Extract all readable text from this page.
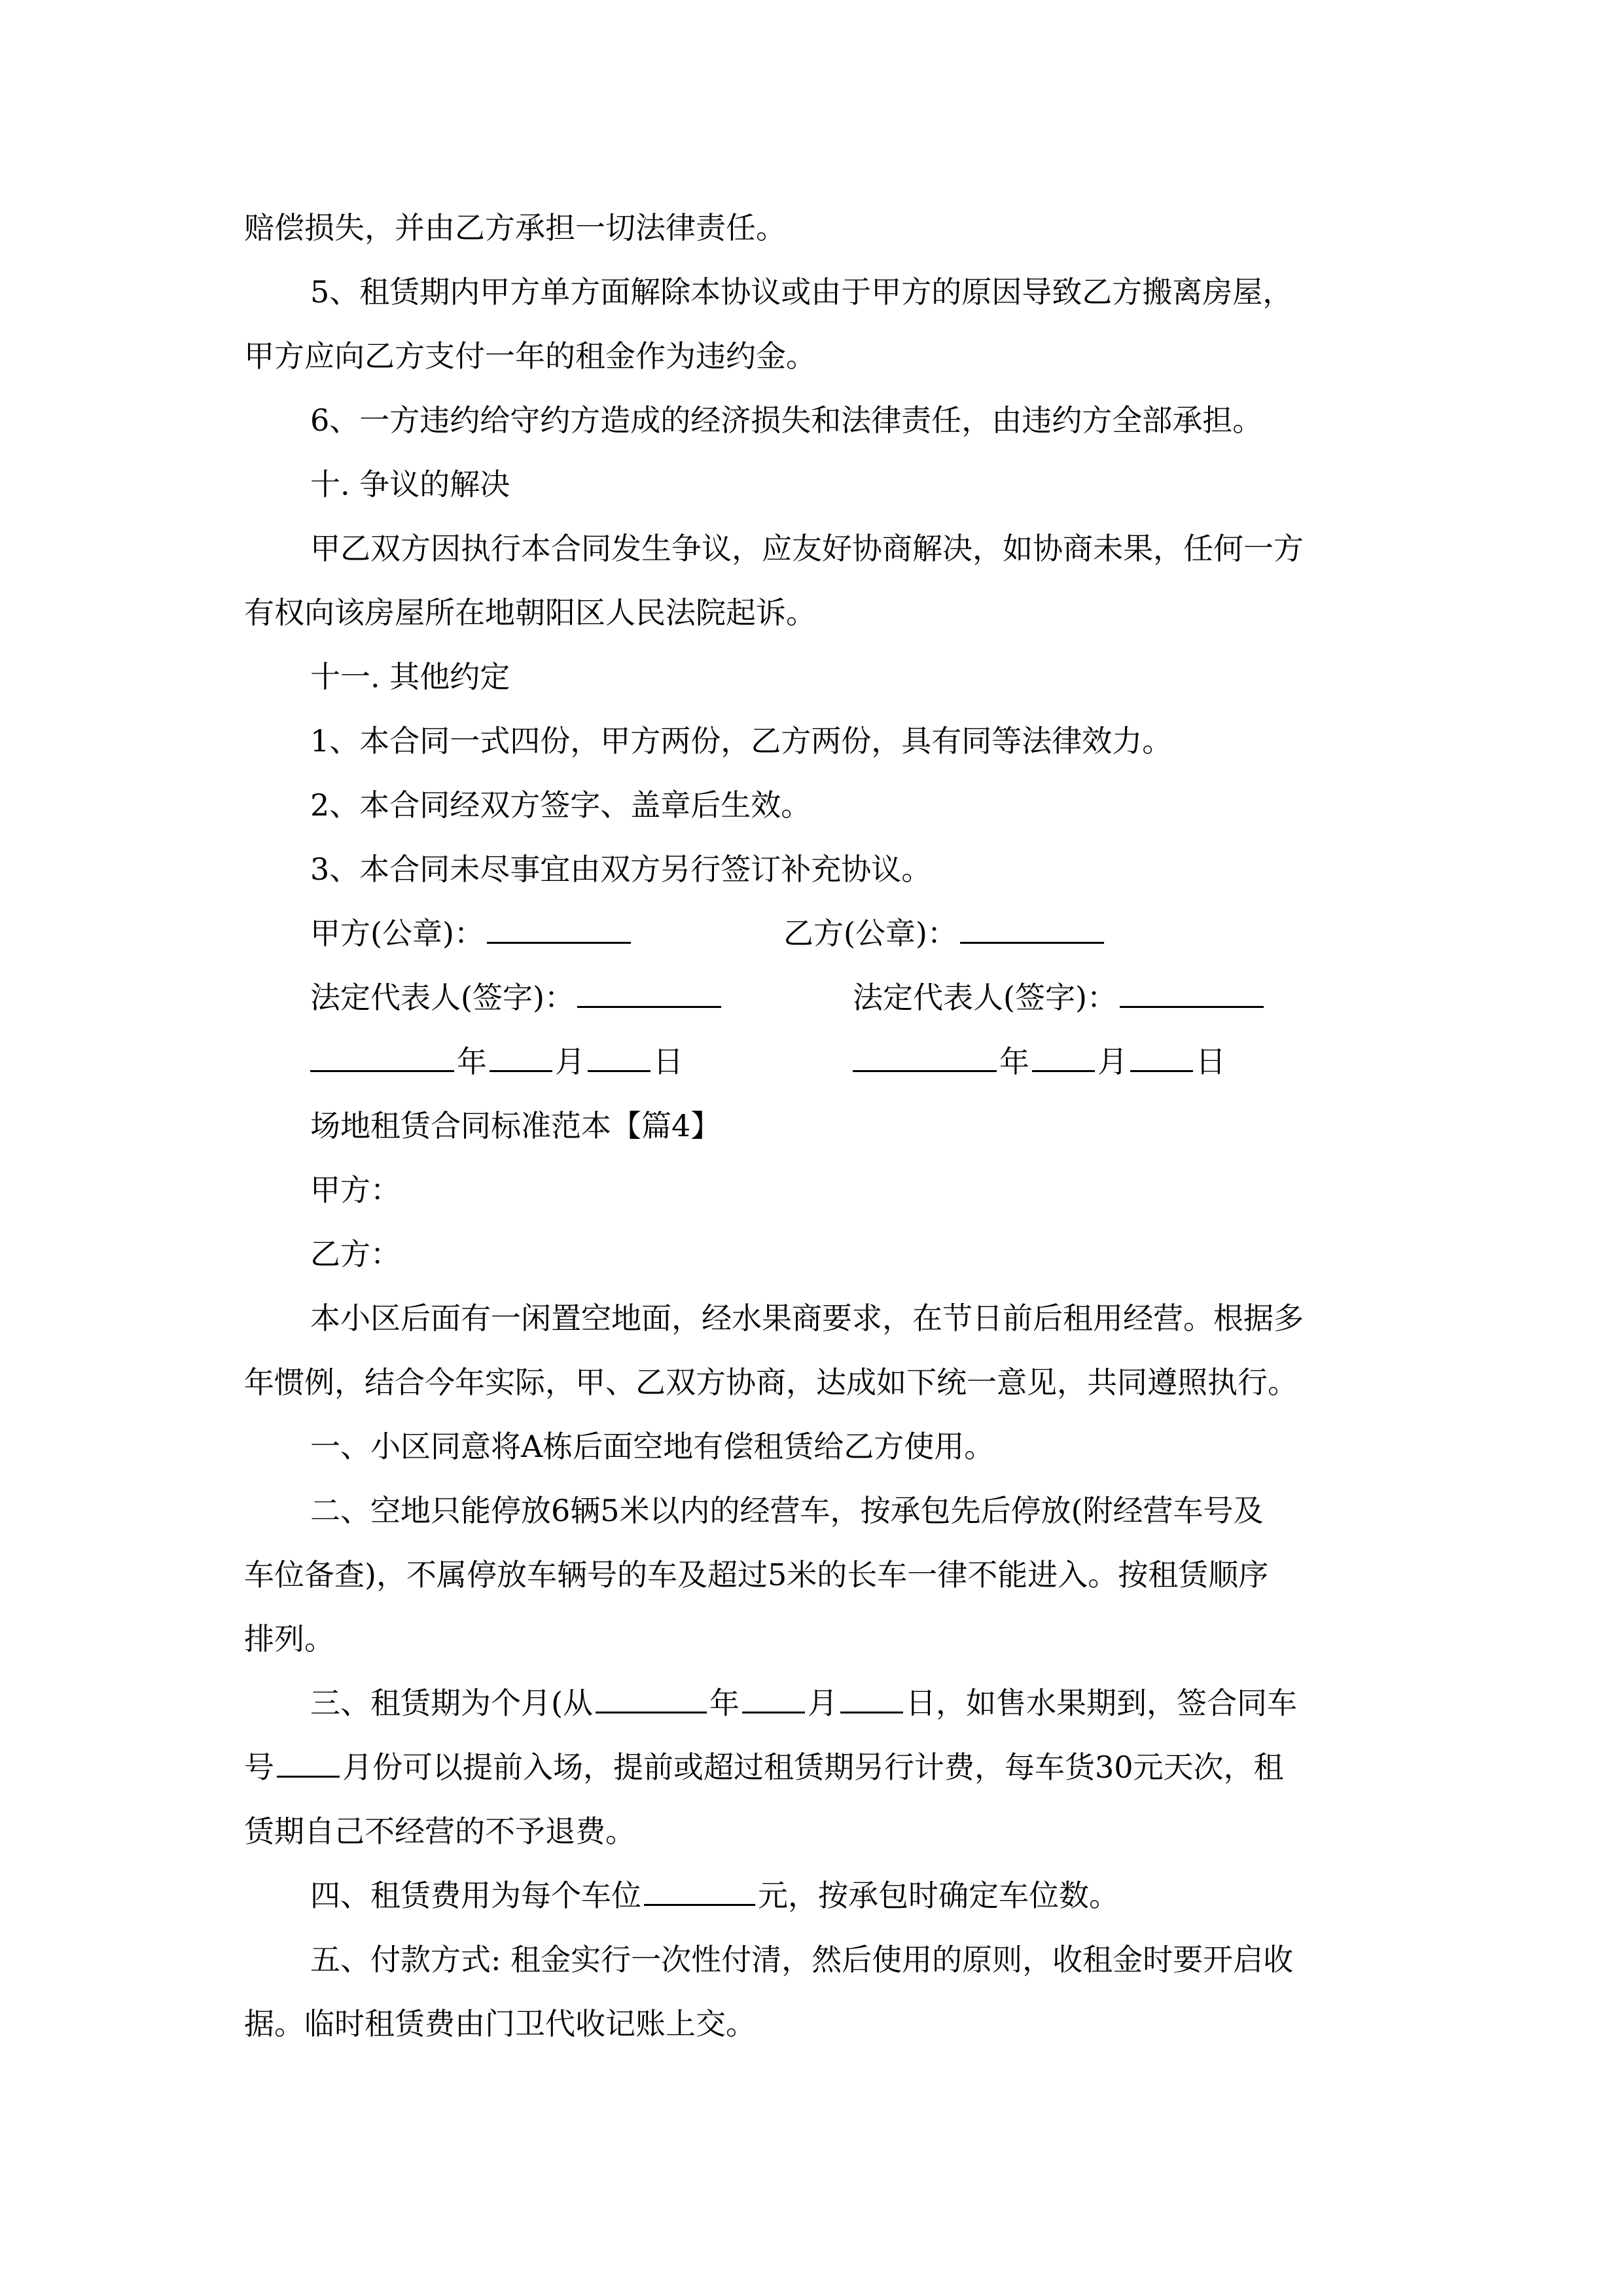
赔偿损失，并由乙方承担一切法律责任。

5、租赁期内甲方单方面解除本协议或由于甲方的原因导致乙方搬离房屋，

甲方应向乙方支付一年的租金作为违约金。

6、一方违约给守约方造成的经济损失和法律责任，由违约方全部承担。

十. 争议的解决

甲乙双方因执行本合同发生争议，应友好协商解决，如协商未果，任何一方

有权向该房屋所在地朝阳区人民法院起诉。

十一. 其他约定

1、本合同一式四份，甲方两份，乙方两份，具有同等法律效力。

2、本合同经双方签字、盖章后生效。

3、本合同未尽事宜由双方另行签订补充协议。

甲方(公章)：	乙方(公章)：

法定代表人(签字)：	法定代表人(签字)：

年 月 日	年 月 日

场地租赁合同标准范本【篇4】

甲方：

乙方：

本小区后面有一闲置空地面，经水果商要求，在节日前后租用经营。根据多

年惯例，结合今年实际，甲、乙双方协商，达成如下统一意见，共同遵照执行。

一、小区同意将A栋后面空地有偿租赁给乙方使用。

二、空地只能停放6辆5米以内的经营车，按承包先后停放(附经营车号及

车位备查)，不属停放车辆号的车及超过5米的长车一律不能进入。按租赁顺序

排列。

三、租赁期为个月(从	年 月 日，如售水果期到，签合同车

号 月份可以提前入场，提前或超过租赁期另行计费，每车货30元天次，租

赁期自己不经营的不予退费。

四、租赁费用为每个车位	元，按承包时确定车位数。

五、付款方式: 租金实行一次性付清，然后使用的原则，收租金时要开启收

据。临时租赁费由门卫代收记账上交。
